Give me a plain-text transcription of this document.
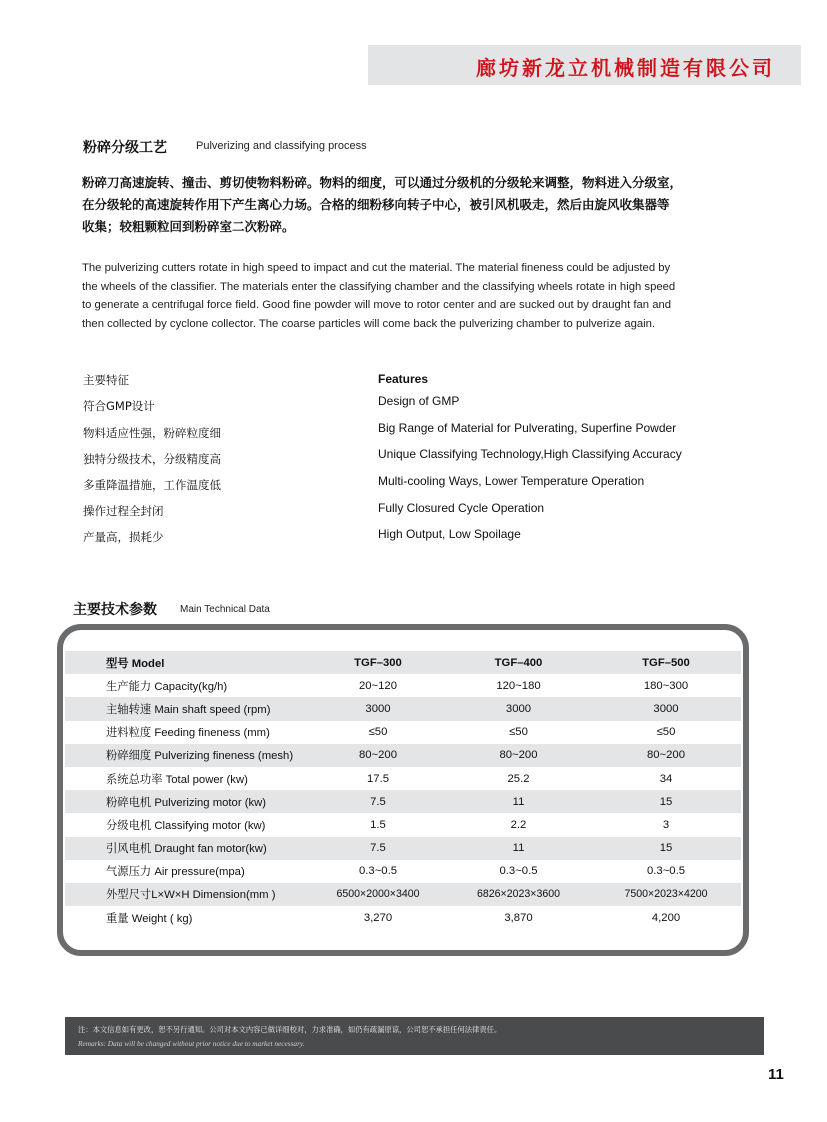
廊坊新龙立机械制造有限公司
粉碎分级工艺	Pulverizing and classifying process
粉碎刀高速旋转、撞击、剪切使物料粉碎。物料的细度，可以通过分级机的分级轮来调整，物料进入分级室，
在分级轮的高速旋转作用下产生离心力场。合格的细粉移向转子中心，被引风机吸走，然后由旋风收集器等
收集；较粗颗粒回到粉碎室二次粉碎。
The pulverizing cutters rotate in high speed to impact and cut the material. The material fineness could be adjusted by
the wheels of the classifier. The materials enter the classifying chamber and the classifying wheels rotate in high speed
to generate a centrifugal force field. Good fine powder will move to rotor center and are sucked out by draught fan and
then collected by cyclone collector. The coarse particles will come back the pulverizing chamber to pulverize again.
主要特征	Features
符合GMP设计	Design of GMP
物料适应性强，粉碎粒度细	Big Range of Material for Pulverating, Superfine Powder
独特分级技术，分级精度高	Unique Classifying Technology,High Classifying Accuracy
多重降温措施，工作温度低	Multi-cooling Ways, Lower Temperature Operation
操作过程全封闭	Fully Closured Cycle Operation
产量高，损耗少	High Output, Low Spoilage
主要技术参数 Main Technical Data
型号 Model	TGF–300	TGF–400	TGF–500
生产能力 Capacity(kg/h)	20~120	120~180	180~300
主轴转速 Main shaft speed (rpm)	3000	3000	3000
进料粒度 Feeding fineness (mm)	≤50	≤50	≤50
粉碎细度 Pulverizing fineness (mesh)	80~200	80~200	80~200
系统总功率 Total power (kw)	17.5	25.2	34
粉碎电机 Pulverizing motor (kw)	7.5	11	15
分级电机 Classifying motor (kw)	1.5	2.2	3
引风电机 Draught fan motor(kw)	7.5	11	15
气源压力 Air pressure(mpa)	0.3~0.5	0.3~0.5	0.3~0.5
外型尺寸L×W×H Dimension(mm )	6500×2000×3400	6826×2023×3600	7500×2023×4200
重量 Weight ( kg)	3,270	3,870	4,200
注：本文信息如有更改，恕不另行通知。公司对本文内容已做详细校对，力求准确，如仍有疏漏原谅，公司恕不承担任何法律责任。
Remarks: Data will be changed without prior notice due to market necessary.
11
